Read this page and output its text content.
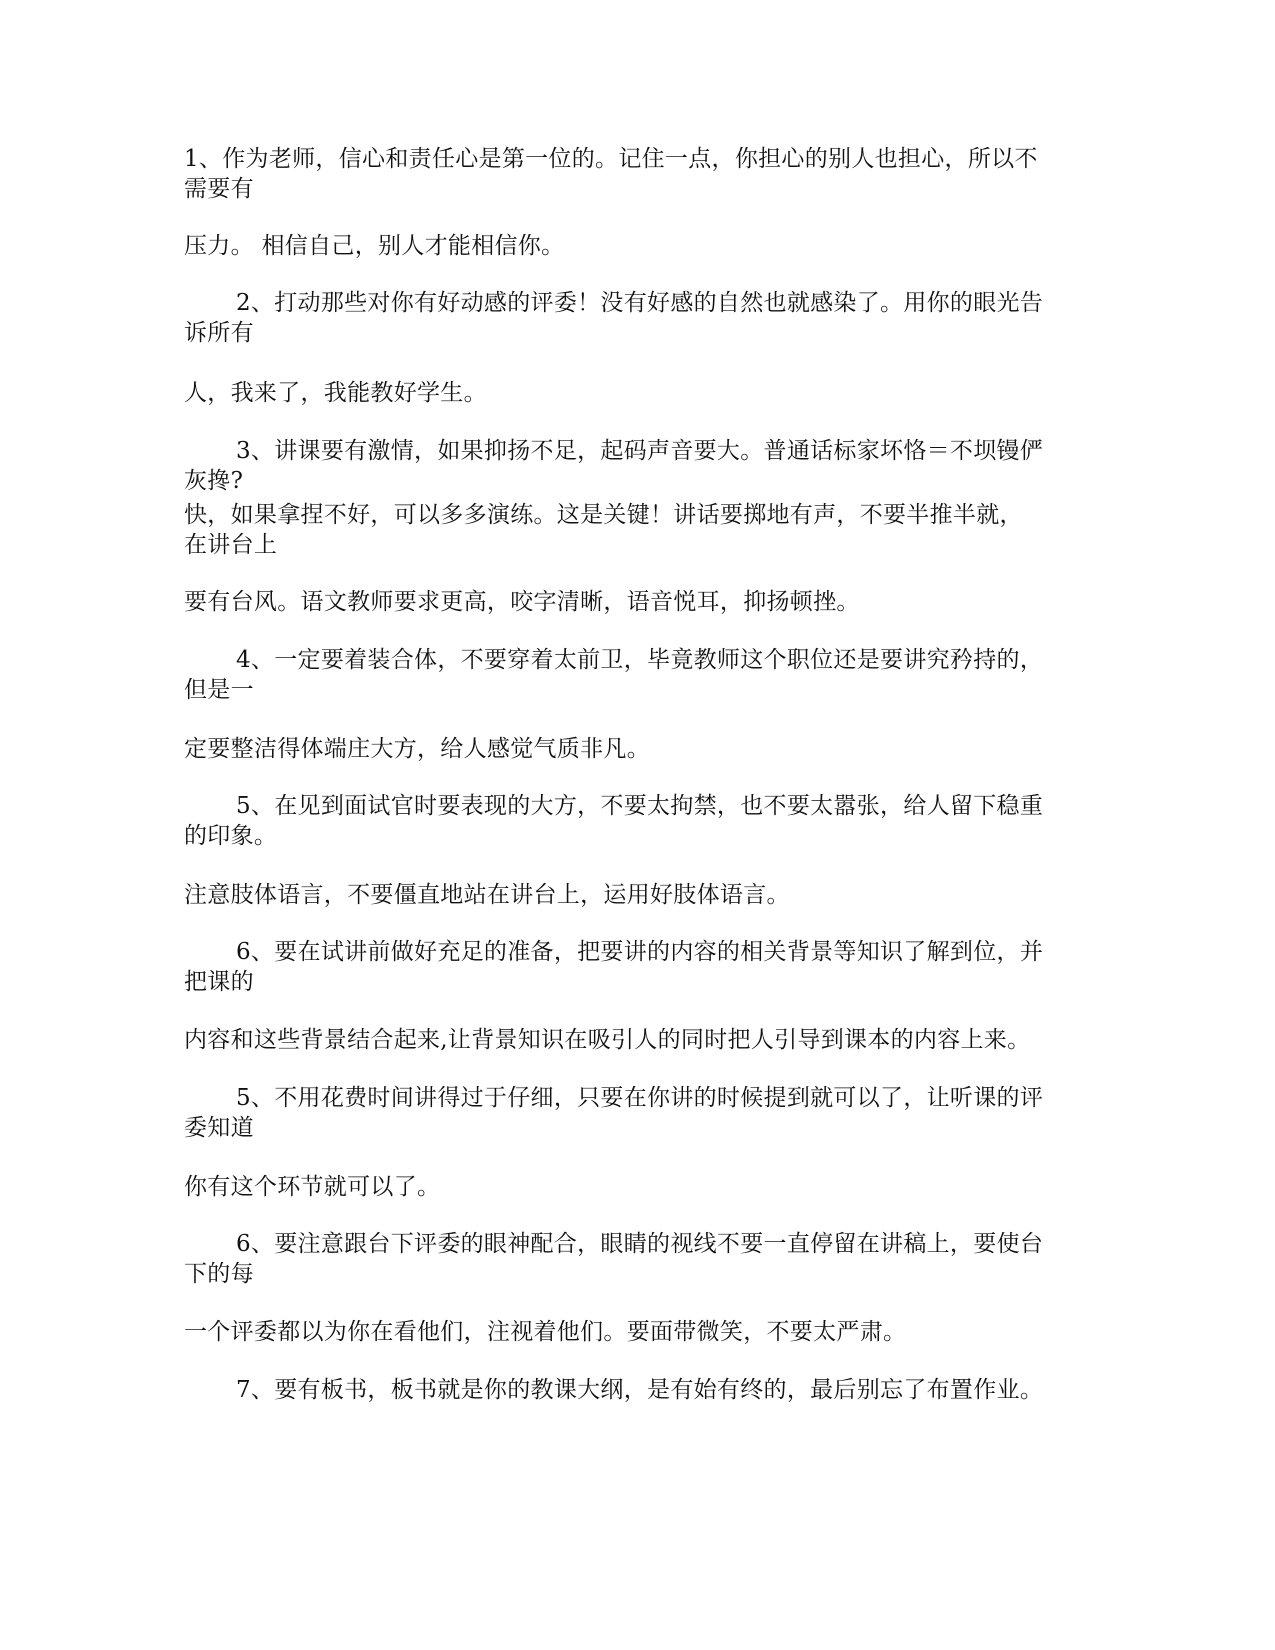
1、作为老师，信心和责任心是第一位的。记住一点，你担心的别人也担心，所以不
需要有
压力。 相信自己，别人才能相信你。
2、打动那些对你有好动感的评委！没有好感的自然也就感染了。用你的眼光告
诉所有
人，我来了，我能教好学生。
3、讲课要有激情，如果抑扬不足，起码声音要大。普通话标家坏恪＝不坝镘俨
灰搀?
快，如果拿捏不好，可以多多演练。这是关键！讲话要掷地有声，不要半推半就，
在讲台上
要有台风。语文教师要求更高，咬字清晰，语音悦耳，抑扬顿挫。
4、一定要着装合体，不要穿着太前卫，毕竟教师这个职位还是要讲究矜持的，
但是一
定要整洁得体端庄大方，给人感觉气质非凡。
5、在见到面试官时要表现的大方，不要太拘禁，也不要太嚣张，给人留下稳重
的印象。
注意肢体语言，不要僵直地站在讲台上，运用好肢体语言。
6、要在试讲前做好充足的准备，把要讲的内容的相关背景等知识了解到位，并
把课的
内容和这些背景结合起来,让背景知识在吸引人的同时把人引导到课本的内容上来。
5、不用花费时间讲得过于仔细，只要在你讲的时候提到就可以了，让听课的评
委知道
你有这个环节就可以了。
6、要注意跟台下评委的眼神配合，眼睛的视线不要一直停留在讲稿上，要使台
下的每
一个评委都以为你在看他们，注视着他们。要面带微笑，不要太严肃。
7、要有板书，板书就是你的教课大纲，是有始有终的，最后别忘了布置作业。
